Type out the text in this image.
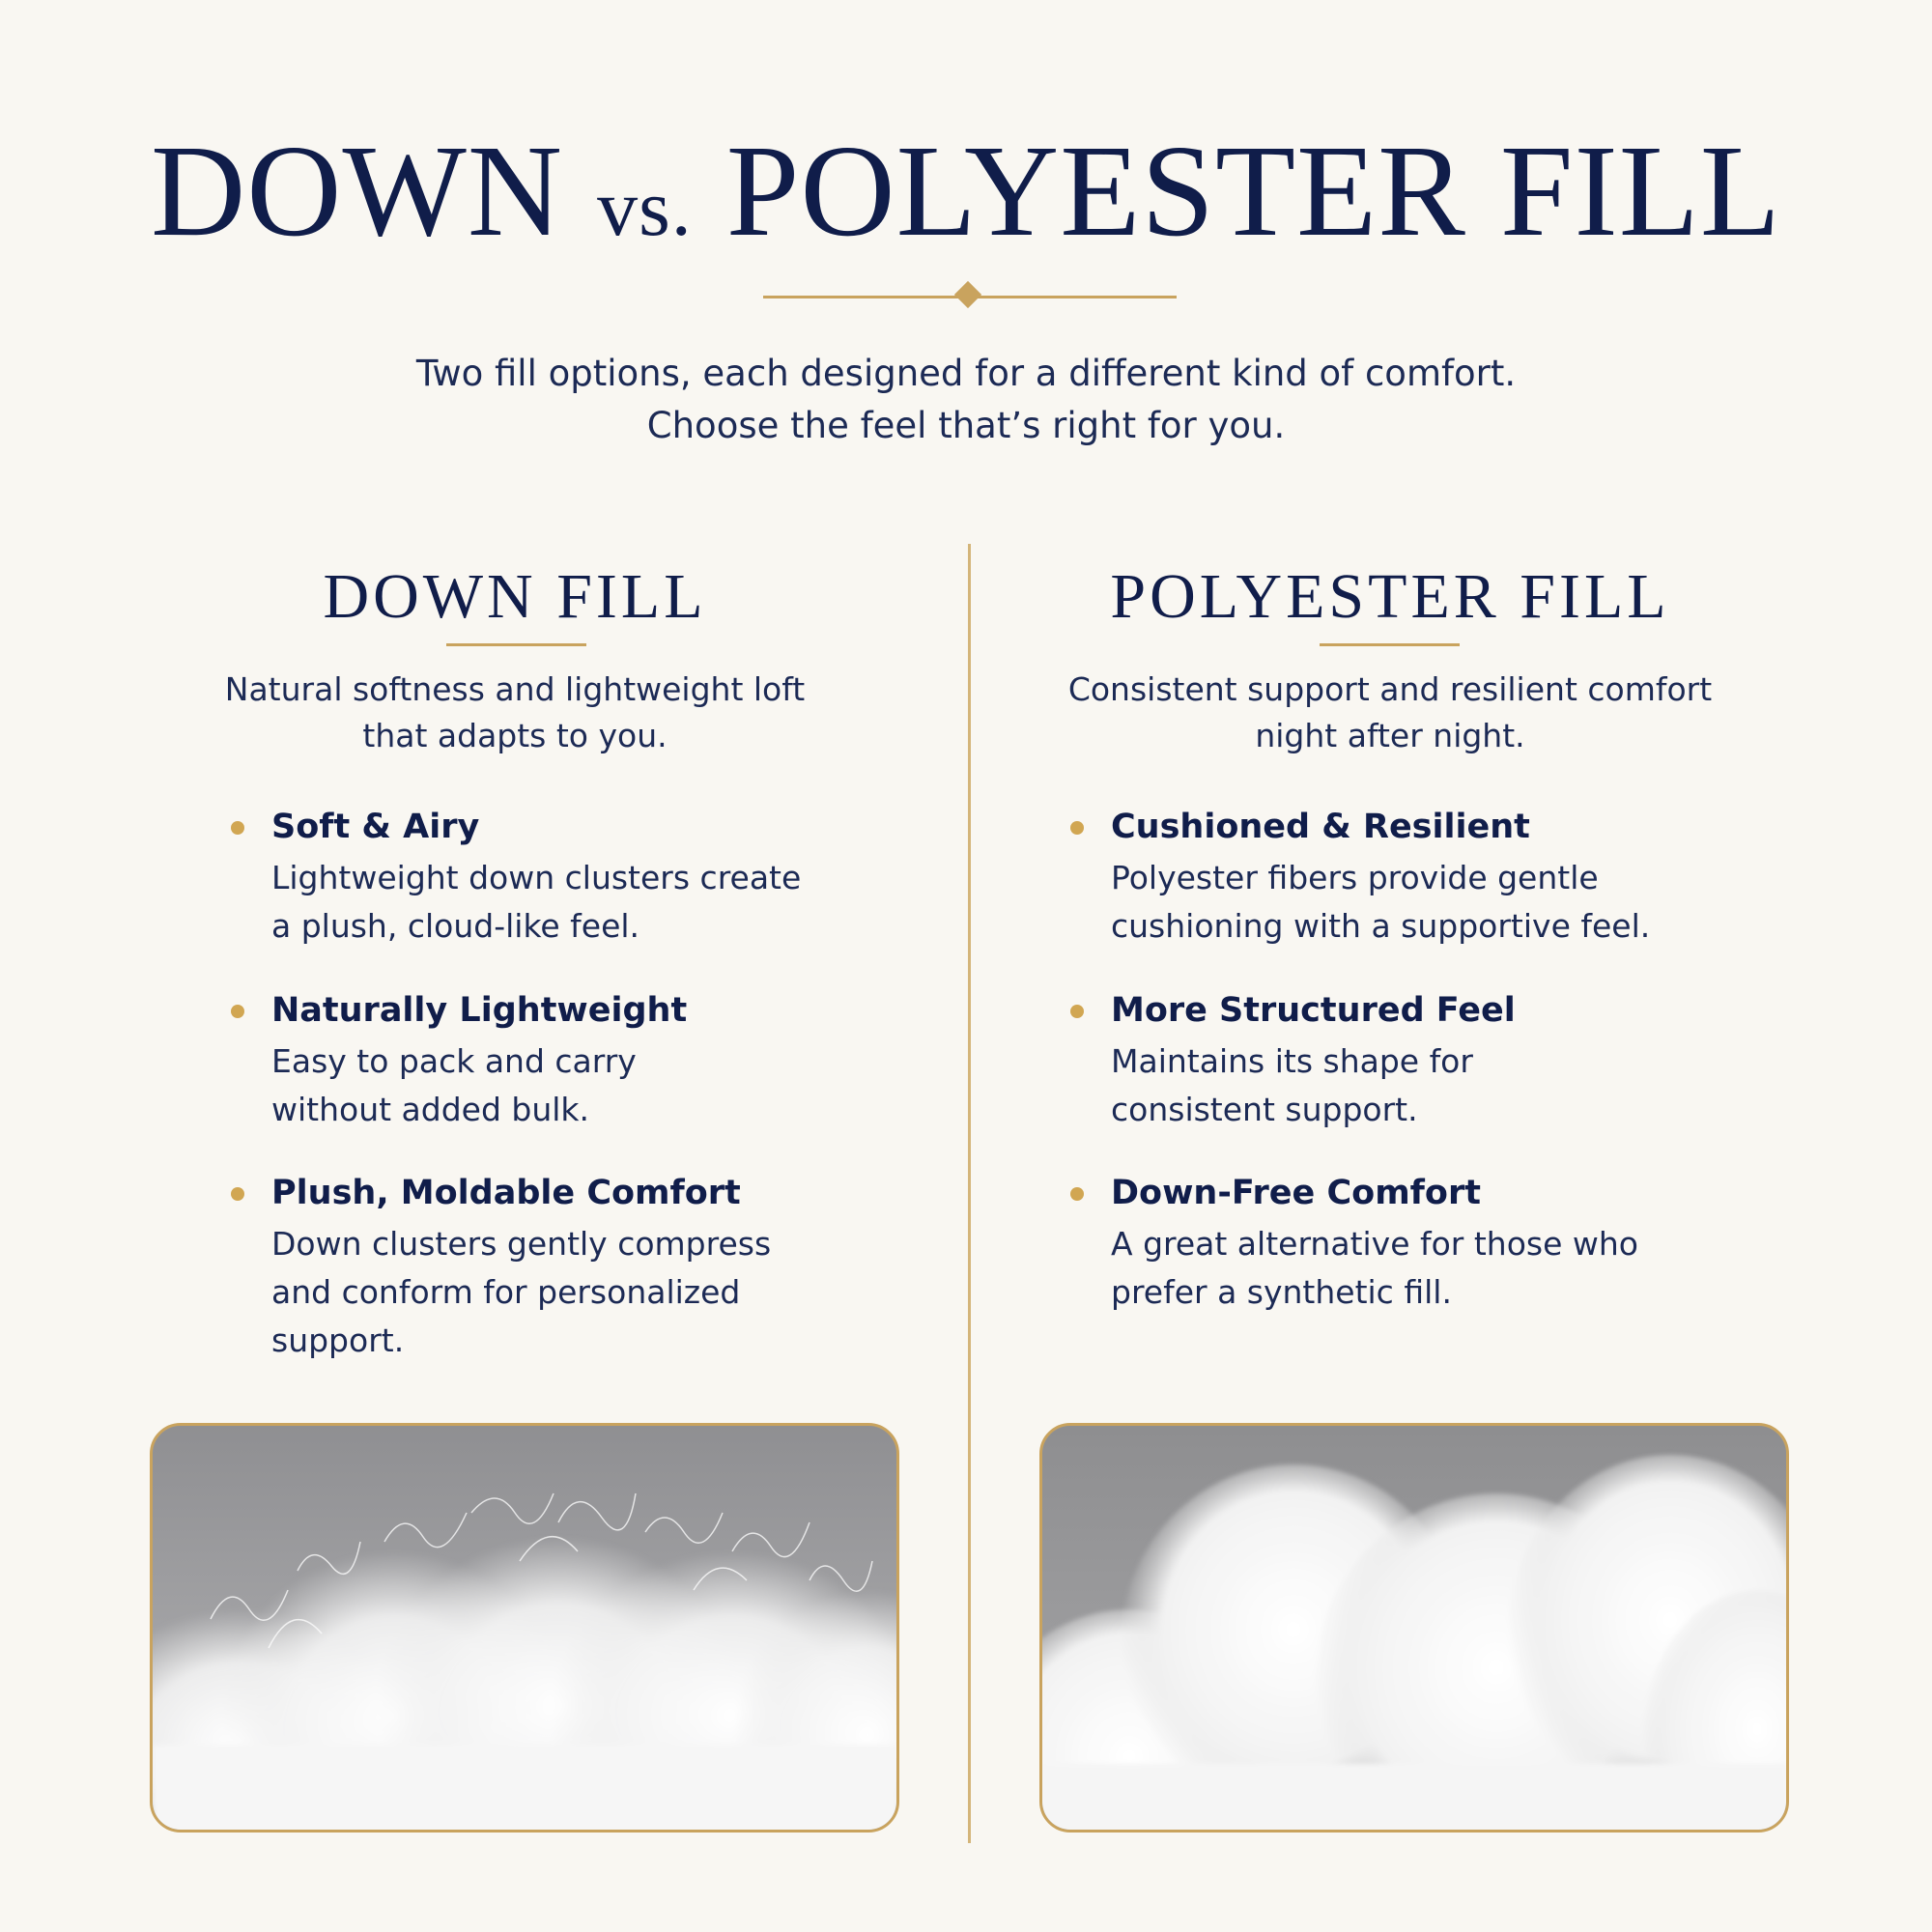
DOWN vs. POLYESTER FILL
Two fill options, each designed for a different kind of comfort.
Choose the feel that’s right for you.
DOWN FILL
Natural softness and lightweight loft
that adapts to you.
Soft & Airy
Lightweight down clusters create
a plush, cloud-like feel.
Naturally Lightweight
Easy to pack and carry
without added bulk.
Plush, Moldable Comfort
Down clusters gently compress
and conform for personalized
support.
POLYESTER FILL
Consistent support and resilient comfort
night after night.
Cushioned & Resilient
Polyester fibers provide gentle
cushioning with a supportive feel.
More Structured Feel
Maintains its shape for
consistent support.
Down-Free Comfort
A great alternative for those who
prefer a synthetic fill.
